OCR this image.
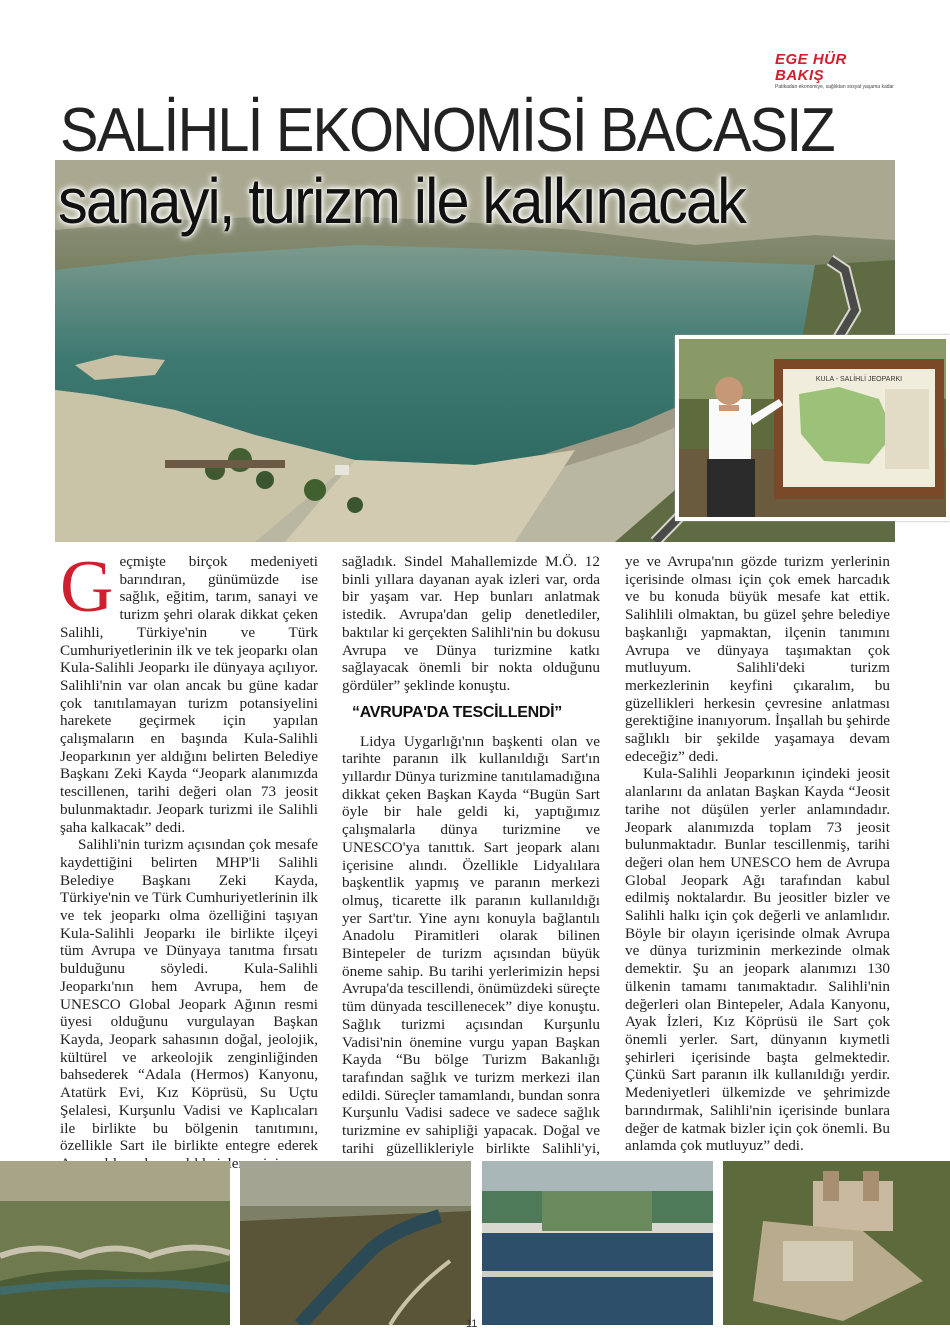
EGE HÜR BAKIŞ
Patikadan ekonomiye, sağlıktan sosyal yaşama kadar
SALİHLİ EKONOMİSİ BACASIZ
sanayi, turizm ile kalkınacak
KULA - SALİHLİ JEOPARKI

Geçmişte birçok medeniyeti barındıran, günümüzde ise sağlık, eğitim, tarım, sanayi ve turizm şehri olarak dikkat çeken Salihli, Türkiye'nin ve Türk Cumhuriyetlerinin ilk ve tek jeoparkı olan Kula-Salihli Jeoparkı ile dünyaya açılıyor. Salihli'nin var olan ancak bu güne kadar çok tanıtılamayan turizm potansiyelini harekete geçirmek için yapılan çalışmaların en başında Kula-Salihli Jeoparkının yer aldığını belirten Belediye Başkanı Zeki Kayda “Jeopark alanımızda tescillenen, tarihi değeri olan 73 jeosit bulunmaktadır. Jeopark turizmi ile Salihli şaha kalkacak” dedi.

Salihli'nin turizm açısından çok mesafe kaydettiğini belirten MHP'li Salihli Belediye Başkanı Zeki Kayda, Türkiye'nin ve Türk Cumhuriyetlerinin ilk ve tek jeoparkı olma özelliğini taşıyan Kula-Salihli Jeoparkı ile birlikte ilçeyi tüm Avrupa ve Dünyaya tanıtma fırsatı bulduğunu söyledi. Kula-Salihli Jeoparkı'nın hem Avrupa, hem de UNESCO Global Jeopark Ağının resmi üyesi olduğunu vurgulayan Başkan Kayda, Jeopark sahasının doğal, jeolojik, kültürel ve arkeolojik zenginliğinden bahsederek “Adala (Hermos) Kanyonu, Atatürk Evi, Kız Köprüsü, Su Uçtu Şelalesi, Kurşunlu Vadisi ve Kaplıcaları ile birlikte bu bölgenin tanıtımını, özellikle Sart ile birlikte entegre ederek

sağladık. Sindel Mahallemizde M.Ö. 12 binli yıllara dayanan ayak izleri var, orda bir yaşam var. Hep bunları anlatmak istedik. Avrupa'dan gelip denetlediler, baktılar ki gerçekten Salihli'nin bu dokusu Avrupa ve Dünya turizmine katkı sağlayacak önemli bir nokta olduğunu gördüler” şeklinde konuştu.

“AVRUPA'DA TESCİLLENDİ”

Lidya Uygarlığı'nın başkenti olan ve tarihte paranın ilk kullanıldığı Sart'ın yıllardır Dünya turizmine tanıtılamadığına dikkat çeken Başkan Kayda “Bugün Sart öyle bir hale geldi ki, yaptığımız çalışmalarla dünya turizmine ve UNESCO'ya tanıttık. Sart jeopark alanı içerisine alındı. Özellikle Lidyalılara başkentlik yapmış ve paranın merkezi olmuş, ticarette ilk paranın kullanıldığı yer Sart'tır. Yine aynı konuyla bağlantılı Anadolu Piramitleri olarak bilinen Bintepeler de turizm açısından büyük öneme sahip. Bu tarihi yerlerimizin hepsi Avrupa'da tescillendi, önümüzdeki süreçte tüm dünyada tescillenecek” diye konuştu. Sağlık turizmi açısından Kurşunlu Vadisi'nin önemine vurgu yapan Başkan Kayda “Bu bölge Turizm Bakanlığı tarafından sağlık ve turizm merkezi ilan edildi. Süreçler tamamlandı, bundan sonra Kurşunlu Vadisi sadece ve sadece sağlık turizmine ev sahipliği yapacak. Doğal ve tarihi güzellikleriyle birlikte Salihli'yi,

ye ve Avrupa'nın gözde turizm yerlerinin içerisinde olması için çok emek harcadık ve bu konuda büyük mesafe kat ettik. Salihlili olmaktan, bu güzel şehre belediye başkanlığı yapmaktan, ilçenin tanımını Avrupa ve dünyaya taşımaktan çok mutluyum. Salihli'deki turizm merkezlerinin keyfini çıkaralım, bu güzellikleri herkesin çevresine anlatması gerektiğine inanıyorum. İnşallah bu şehirde sağlıklı bir şekilde yaşamaya devam edeceğiz” dedi.

Kula-Salihli Jeoparkının içindeki jeosit alanlarını da anlatan Başkan Kayda “Jeosit tarihe not düşülen yerler anlamındadır. Jeopark alanımızda toplam 73 jeosit bulunmaktadır. Bunlar tescillenmiş, tarihi değeri olan hem UNESCO hem de Avrupa Global Jeopark Ağı tarafından kabul edilmiş noktalardır. Bu jeositler bizler ve Salihli halkı için çok değerli ve anlamlıdır. Böyle bir olayın içerisinde olmak Avrupa ve dünya turizminin merkezinde olmak demektir. Şu an jeopark alanımızı 130 ülkenin tamamı tanımaktadır. Salihli'nin değerleri olan Bintepeler, Adala Kanyonu, Ayak İzleri, Kız Köprüsü ile Sart çok önemli yerler. Sart, dünyanın kıymetli şehirleri içerisinde başta gelmektedir. Çünkü Sart paranın ilk kullanıldığı yerdir. Medeniyetleri ülkemizde ve şehrimizde barındırmak, Salihli'nin içerisinde bunlara değer de katmak bizler için çok önemli. Bu anlamda çok mutluyuz” dedi.

11
